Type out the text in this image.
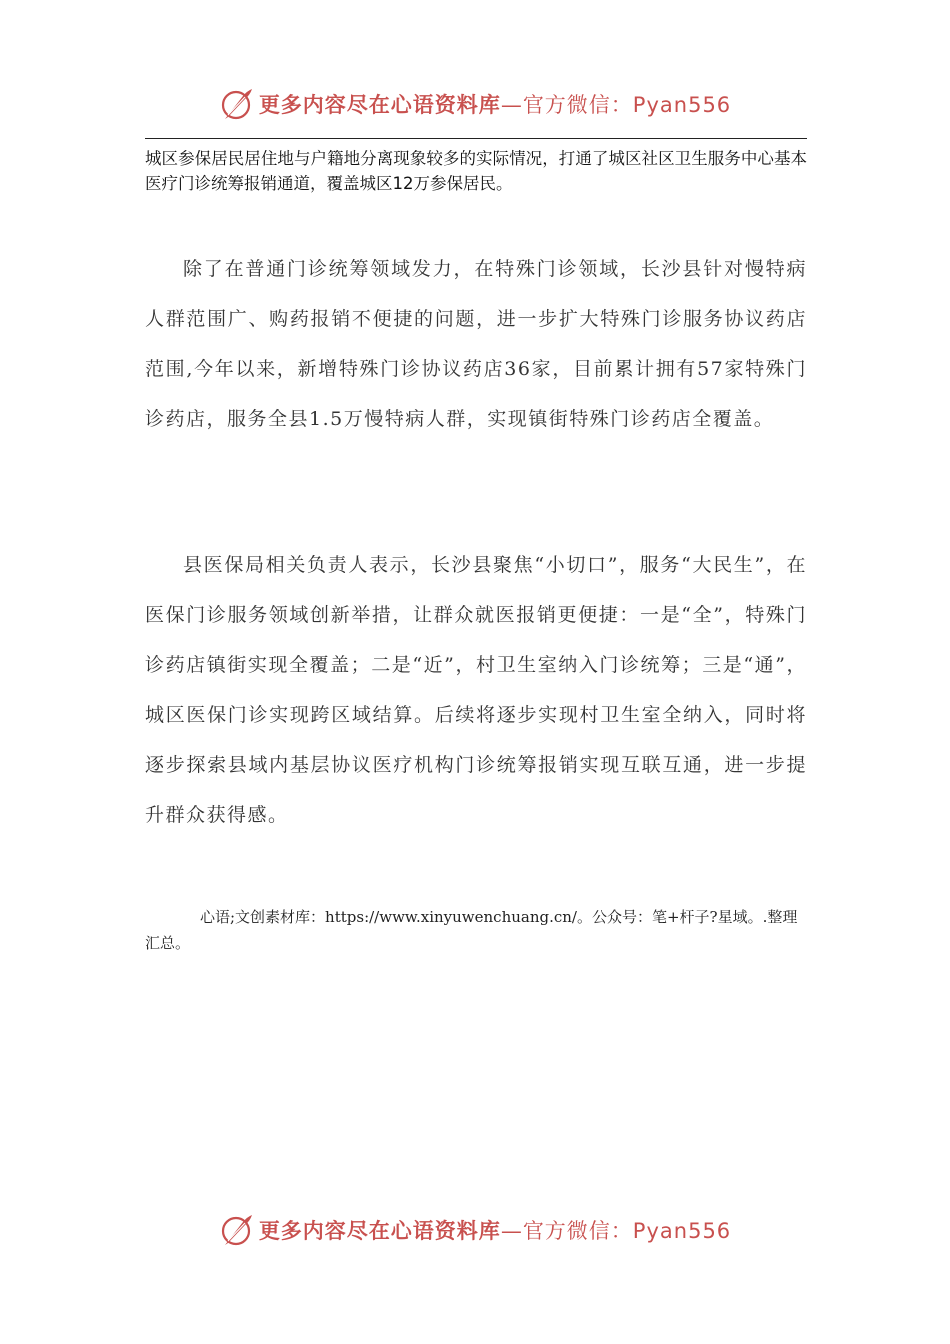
更多内容尽在心语资料库—官方微信：Pyan556
城区参保居民居住地与户籍地分离现象较多的实际情况，打通了城区社区卫生服务中心基本医疗门诊统筹报销通道，覆盖城区12万参保居民。
除了在普通门诊统筹领域发力，在特殊门诊领域，长沙县针对慢特病人群范围广、购药报销不便捷的问题，进一步扩大特殊门诊服务协议药店范围,今年以来，新增特殊门诊协议药店36家，目前累计拥有57家特殊门诊药店，服务全县1.5万慢特病人群，实现镇街特殊门诊药店全覆盖。
县医保局相关负责人表示，长沙县聚焦“小切口”，服务“大民生”，在医保门诊服务领域创新举措，让群众就医报销更便捷：一是“全”，特殊门诊药店镇街实现全覆盖；二是“近”，村卫生室纳入门诊统筹；三是“通”，城区医保门诊实现跨区域结算。后续将逐步实现村卫生室全纳入，同时将逐步探索县域内基层协议医疗机构门诊统筹报销实现互联互通，进一步提升群众获得感。
心语;文创素材库：https://www.xinyuwenchuang.cn/。公众号：笔+杆子?星域。.整理汇总。
更多内容尽在心语资料库—官方微信：Pyan556
